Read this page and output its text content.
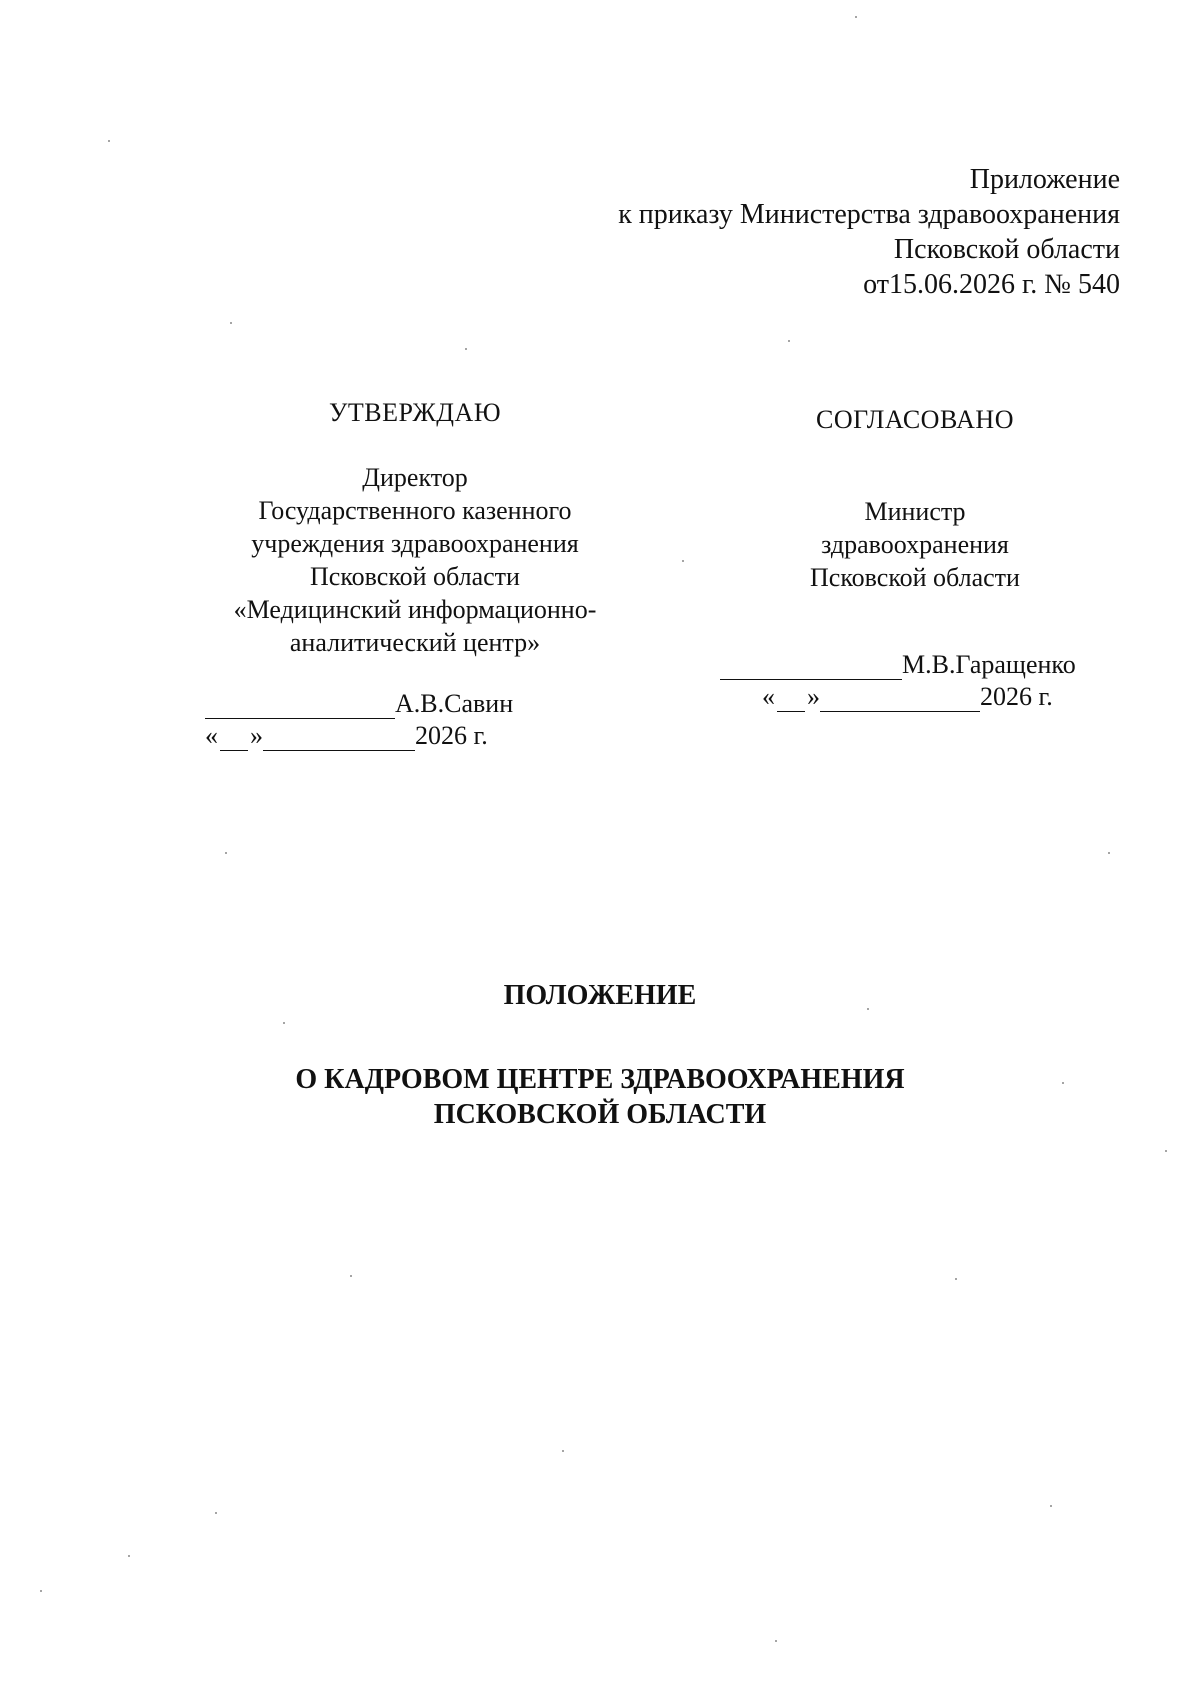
Приложение
к приказу Министерства здравоохранения
Псковской области
от15.06.2026 г. № 540
УТВЕРЖДАЮ
Директор
Государственного казенного
учреждения здравоохранения
Псковской области
«Медицинский информационно-
аналитический центр»
А.В.Савин
« »	2026 г.
СОГЛАСОВАНО
Министр
здравоохранения
Псковской области
М.В.Гаращенко
« »	2026 г.
ПОЛОЖЕНИЕ
О КАДРОВОМ ЦЕНТРЕ ЗДРАВООХРАНЕНИЯ
ПСКОВСКОЙ ОБЛАСТИ
